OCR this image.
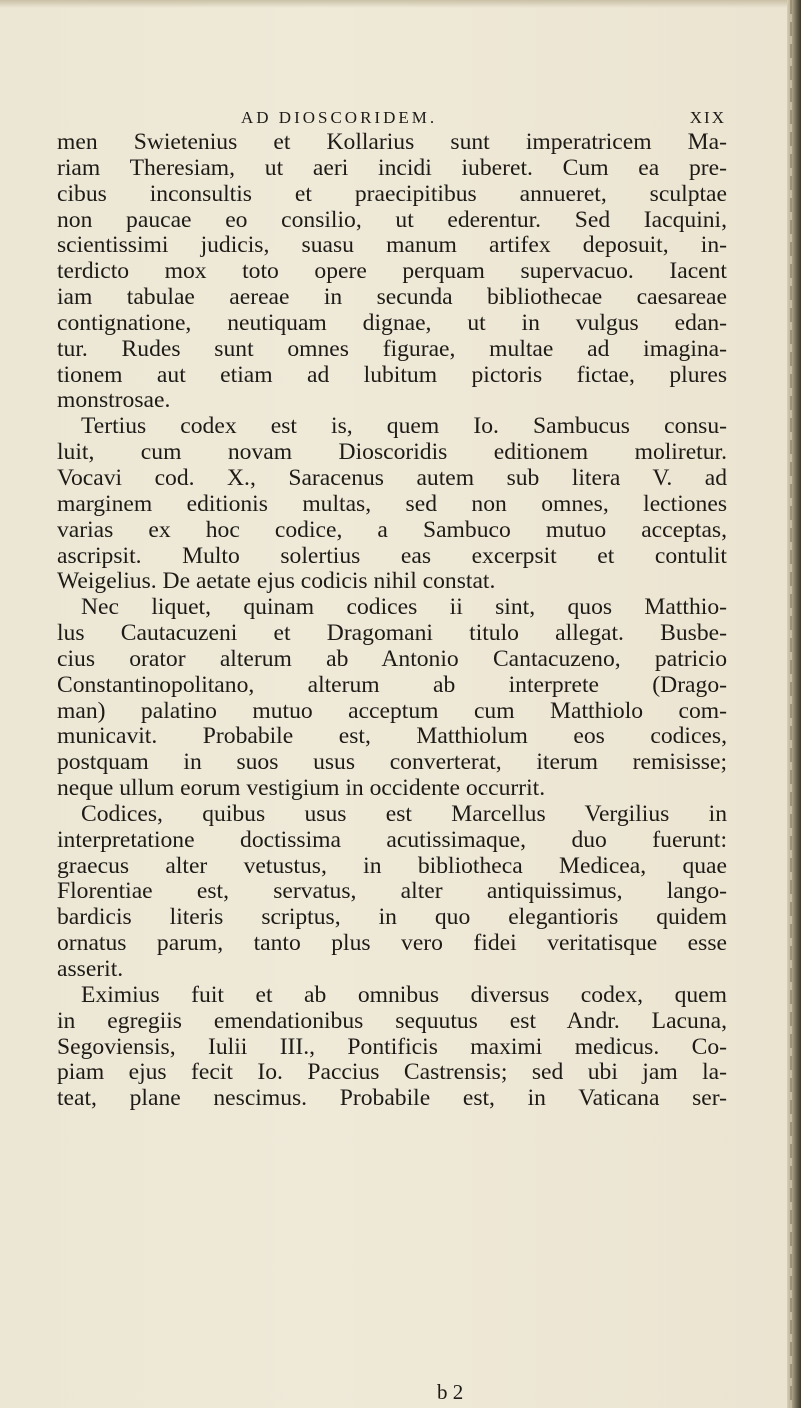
AD DIOSCORIDEM.	XIX
men Swietenius et Kollarius sunt imperatricem Ma-
riam Theresiam, ut aeri incidi iuberet. Cum ea pre-
cibus inconsultis et praecipitibus annueret, sculptae
non paucae eo consilio, ut ederentur. Sed Iacquini,
scientissimi judicis, suasu manum artifex deposuit, in-
terdicto mox toto opere perquam supervacuo. Iacent
iam tabulae aereae in secunda bibliothecae caesareae
contignatione, neutiquam dignae, ut in vulgus edan-
tur. Rudes sunt omnes figurae, multae ad imagina-
tionem aut etiam ad lubitum pictoris fictae, plures
monstrosae.
Tertius codex est is, quem Io. Sambucus consu-
luit, cum novam Dioscoridis editionem moliretur.
Vocavi cod. X., Saracenus autem sub litera V. ad
marginem editionis multas, sed non omnes, lectiones
varias ex hoc codice, a Sambuco mutuo acceptas,
ascripsit. Multo solertius eas excerpsit et contulit
Weigelius. De aetate ejus codicis nihil constat.
Nec liquet, quinam codices ii sint, quos Matthio-
lus Cautacuzeni et Dragomani titulo allegat. Busbe-
cius orator alterum ab Antonio Cantacuzeno, patricio
Constantinopolitano, alterum ab interprete (Drago-
man) palatino mutuo acceptum cum Matthiolo com-
municavit. Probabile est, Matthiolum eos codices,
postquam in suos usus converterat, iterum remisisse;
neque ullum eorum vestigium in occidente occurrit.
Codices, quibus usus est Marcellus Vergilius in
interpretatione doctissima acutissimaque, duo fuerunt:
graecus alter vetustus, in bibliotheca Medicea, quae
Florentiae est, servatus, alter antiquissimus, lango-
bardicis literis scriptus, in quo elegantioris quidem
ornatus parum, tanto plus vero fidei veritatisque esse
asserit.
Eximius fuit et ab omnibus diversus codex, quem
in egregiis emendationibus sequutus est Andr. Lacuna,
Segoviensis, Iulii III., Pontificis maximi medicus. Co-
piam ejus fecit Io. Paccius Castrensis; sed ubi jam la-
teat, plane nescimus. Probabile est, in Vaticana ser-
b 2
